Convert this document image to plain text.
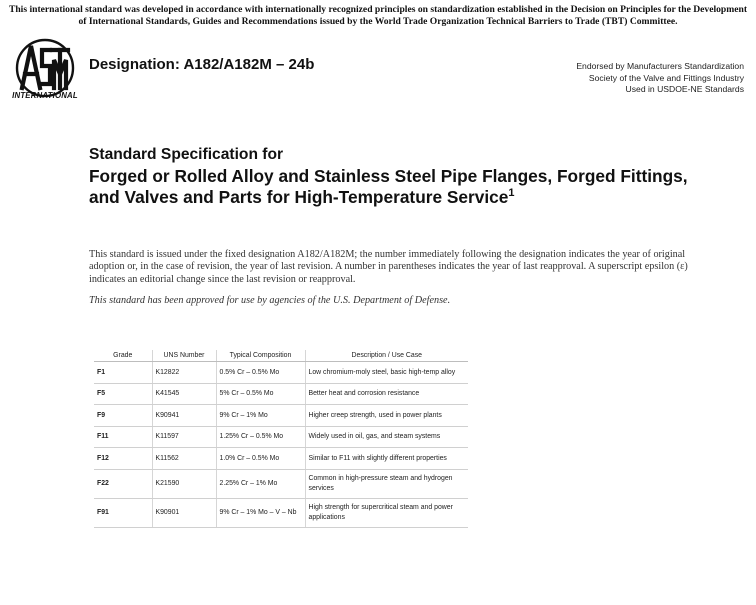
This international standard was developed in accordance with internationally recognized principles on standardization established in the Decision on Principles for the Development of International Standards, Guides and Recommendations issued by the World Trade Organization Technical Barriers to Trade (TBT) Committee.
INTERNATIONAL
Designation: A182/A182M – 24b	Endorsed by Manufacturers Standardization
Society of the Valve and Fittings Industry
Used in USDOE-NE Standards
Standard Specification for
Forged or Rolled Alloy and Stainless Steel Pipe Flanges, Forged Fittings, and Valves and Parts for High-Temperature Service$^1$
This standard is issued under the fixed designation A182/A182M; the number immediately following the designation indicates the year of original adoption or, in the case of revision, the year of last revision. A number in parentheses indicates the year of last reapproval. A superscript epsilon (ε) indicates an editorial change since the last revision or reapproval.
This standard has been approved for use by agencies of the U.S. Department of Defense.
Grade	UNS Number	Typical Composition	Description / Use Case
F1	K12822	0.5% Cr – 0.5% Mo	Low chromium-moly steel, basic high-temp alloy
F5	K41545	5% Cr – 0.5% Mo	Better heat and corrosion resistance
F9	K90941	9% Cr – 1% Mo	Higher creep strength, used in power plants
F11	K11597	1.25% Cr – 0.5% Mo	Widely used in oil, gas, and steam systems
F12	K11562	1.0% Cr – 0.5% Mo	Similar to F11 with slightly different properties
F22	K21590	2.25% Cr – 1% Mo	Common in high-pressure steam and hydrogen services
F91	K90901	9% Cr – 1% Mo – V – Nb	High strength for supercritical steam and power applications
